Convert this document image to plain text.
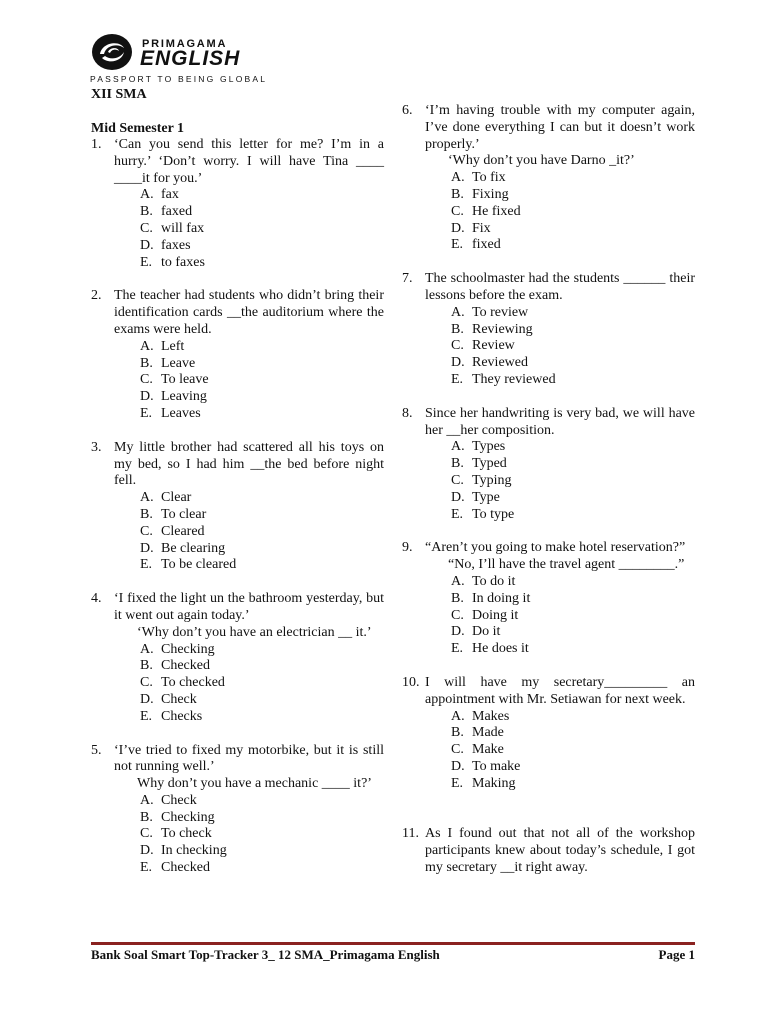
PRIMAGAMA
ENGLISH
PASSPORT TO BEING GLOBAL
XII SMA
Mid Semester 1
1. ‘Can you send this letter for me? I’m in a hurry.’ ‘Don’t worry. I will have Tina ____ ____it for you.’
A. fax
B. faxed
C. will fax
D. faxes
E. to faxes
2. The teacher had students who didn’t bring their identification cards __the auditorium where the exams were held.
A. Left
B. Leave
C. To leave
D. Leaving
E. Leaves
3. My little brother had scattered all his toys on my bed, so I had him __the bed before night fell.
A. Clear
B. To clear
C. Cleared
D. Be clearing
E. To be cleared
4. ‘I fixed the light un the bathroom yesterday, but it went out again today.’
‘Why don’t you have an electrician __ it.’
A. Checking
B. Checked
C. To checked
D. Check
E. Checks
5. ‘I’ve tried to fixed my motorbike, but it is still not running well.’
Why don’t you have a mechanic ____ it?’
A. Check
B. Checking
C. To check
D. In checking
E. Checked
6. ‘I’m having trouble with my computer again, I’ve done everything I can but it doesn’t work properly.’
‘Why don’t you have Darno _it?’
A. To fix
B. Fixing
C. He fixed
D. Fix
E. fixed
7. The schoolmaster had the students ______ their lessons before the exam.
A. To review
B. Reviewing
C. Review
D. Reviewed
E. They reviewed
8. Since her handwriting is very bad, we will have her __her composition.
A. Types
B. Typed
C. Typing
D. Type
E. To type
9. “Aren’t you going to make hotel reservation?”
“No, I’ll have the travel agent ________.”
A. To do it
B. In doing it
C. Doing it
D. Do it
E. He does it
10. I will have my secretary_________ an appointment with Mr. Setiawan for next week.
A. Makes
B. Made
C. Make
D. To make
E. Making
11. As I found out that not all of the workshop participants knew about today’s schedule, I got my secretary __it right away.
Bank Soal Smart Top-Tracker 3_ 12 SMA_Primagama English	Page 1
